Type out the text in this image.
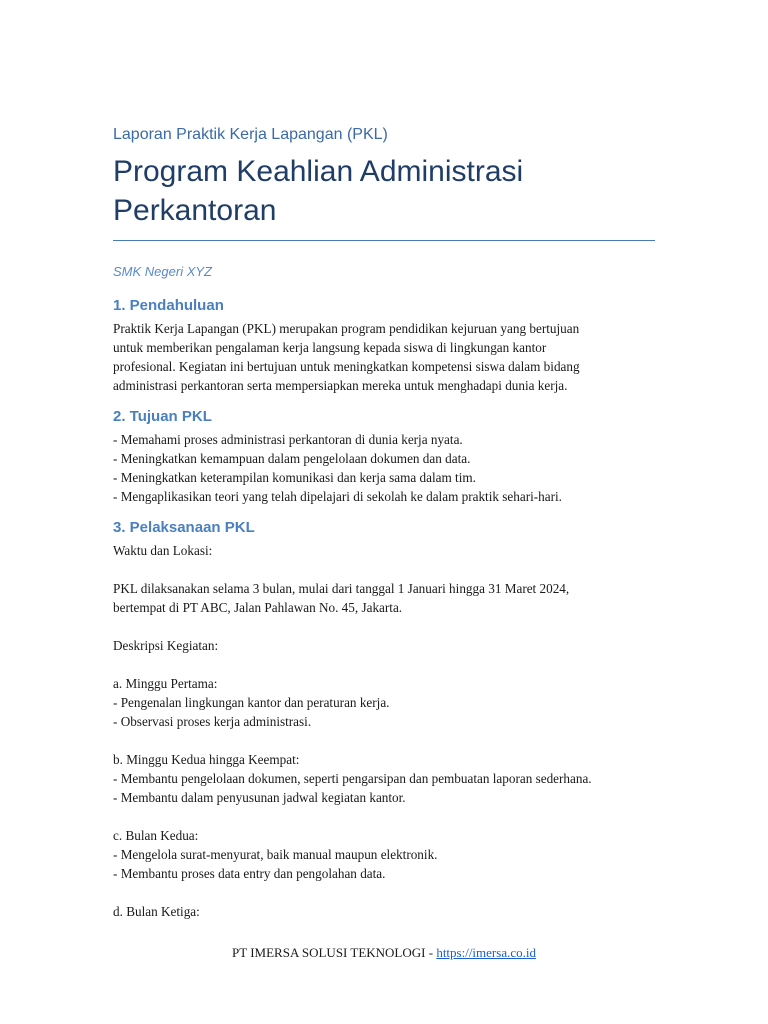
Laporan Praktik Kerja Lapangan (PKL)

Program Keahlian Administrasi
Perkantoran
SMK Negeri XYZ
1. Pendahuluan

Praktik Kerja Lapangan (PKL) merupakan program pendidikan kejuruan yang bertujuan

untuk memberikan pengalaman kerja langsung kepada siswa di lingkungan kantor

profesional. Kegiatan ini bertujuan untuk meningkatkan kompetensi siswa dalam bidang

administrasi perkantoran serta mempersiapkan mereka untuk menghadapi dunia kerja.

2. Tujuan PKL

- Memahami proses administrasi perkantoran di dunia kerja nyata.

- Meningkatkan kemampuan dalam pengelolaan dokumen dan data.

- Meningkatkan keterampilan komunikasi dan kerja sama dalam tim.

- Mengaplikasikan teori yang telah dipelajari di sekolah ke dalam praktik sehari-hari.

3. Pelaksanaan PKL

Waktu dan Lokasi:

PKL dilaksanakan selama 3 bulan, mulai dari tanggal 1 Januari hingga 31 Maret 2024,

bertempat di PT ABC, Jalan Pahlawan No. 45, Jakarta.

Deskripsi Kegiatan:

a. Minggu Pertama:

- Pengenalan lingkungan kantor dan peraturan kerja.

- Observasi proses kerja administrasi.

b. Minggu Kedua hingga Keempat:

- Membantu pengelolaan dokumen, seperti pengarsipan dan pembuatan laporan sederhana.

- Membantu dalam penyusunan jadwal kegiatan kantor.

c. Bulan Kedua:

- Mengelola surat-menyurat, baik manual maupun elektronik.

- Membantu proses data entry dan pengolahan data.

d. Bulan Ketiga:

PT IMERSA SOLUSI TEKNOLOGI - https://imersa.co.id
